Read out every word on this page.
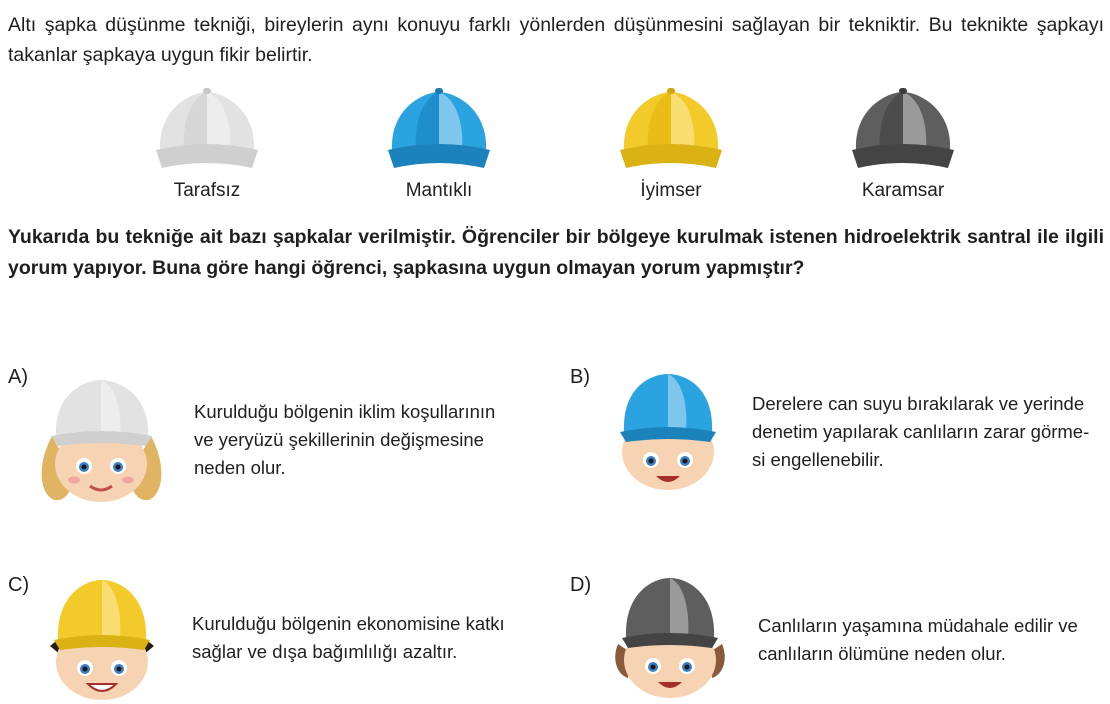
Altı şapka düşünme tekniği, bireylerin aynı konuyu farklı yönlerden düşünmesini sağlayan bir tekniktir. Bu teknikte şapkayı takanlar şapkaya uygun fikir belirtir.

Tarafsız	Mantıklı	İyimser	Karamsar

Yukarıda bu tekniğe ait bazı şapkalar verilmiştir. Öğrenciler bir bölgeye kurulmak istenen hidroelektrik santral ile ilgili yorum yapıyor. Buna göre hangi öğrenci, şapkasına uygun olmayan yorum yapmıştır?

A)
Kurulduğu bölgenin iklim koşullarının
ve yeryüzü şekillerinin değişmesine
neden olur.
B)
Derelere can suyu bırakılarak ve yerinde
denetim yapılarak canlıların zarar görme-
si engellenebilir.
C)
Kurulduğu bölgenin ekonomisine katkı
sağlar ve dışa bağımlılığı azaltır.
D)
Canlıların yaşamına müdahale edilir ve
canlıların ölümüne neden olur.
